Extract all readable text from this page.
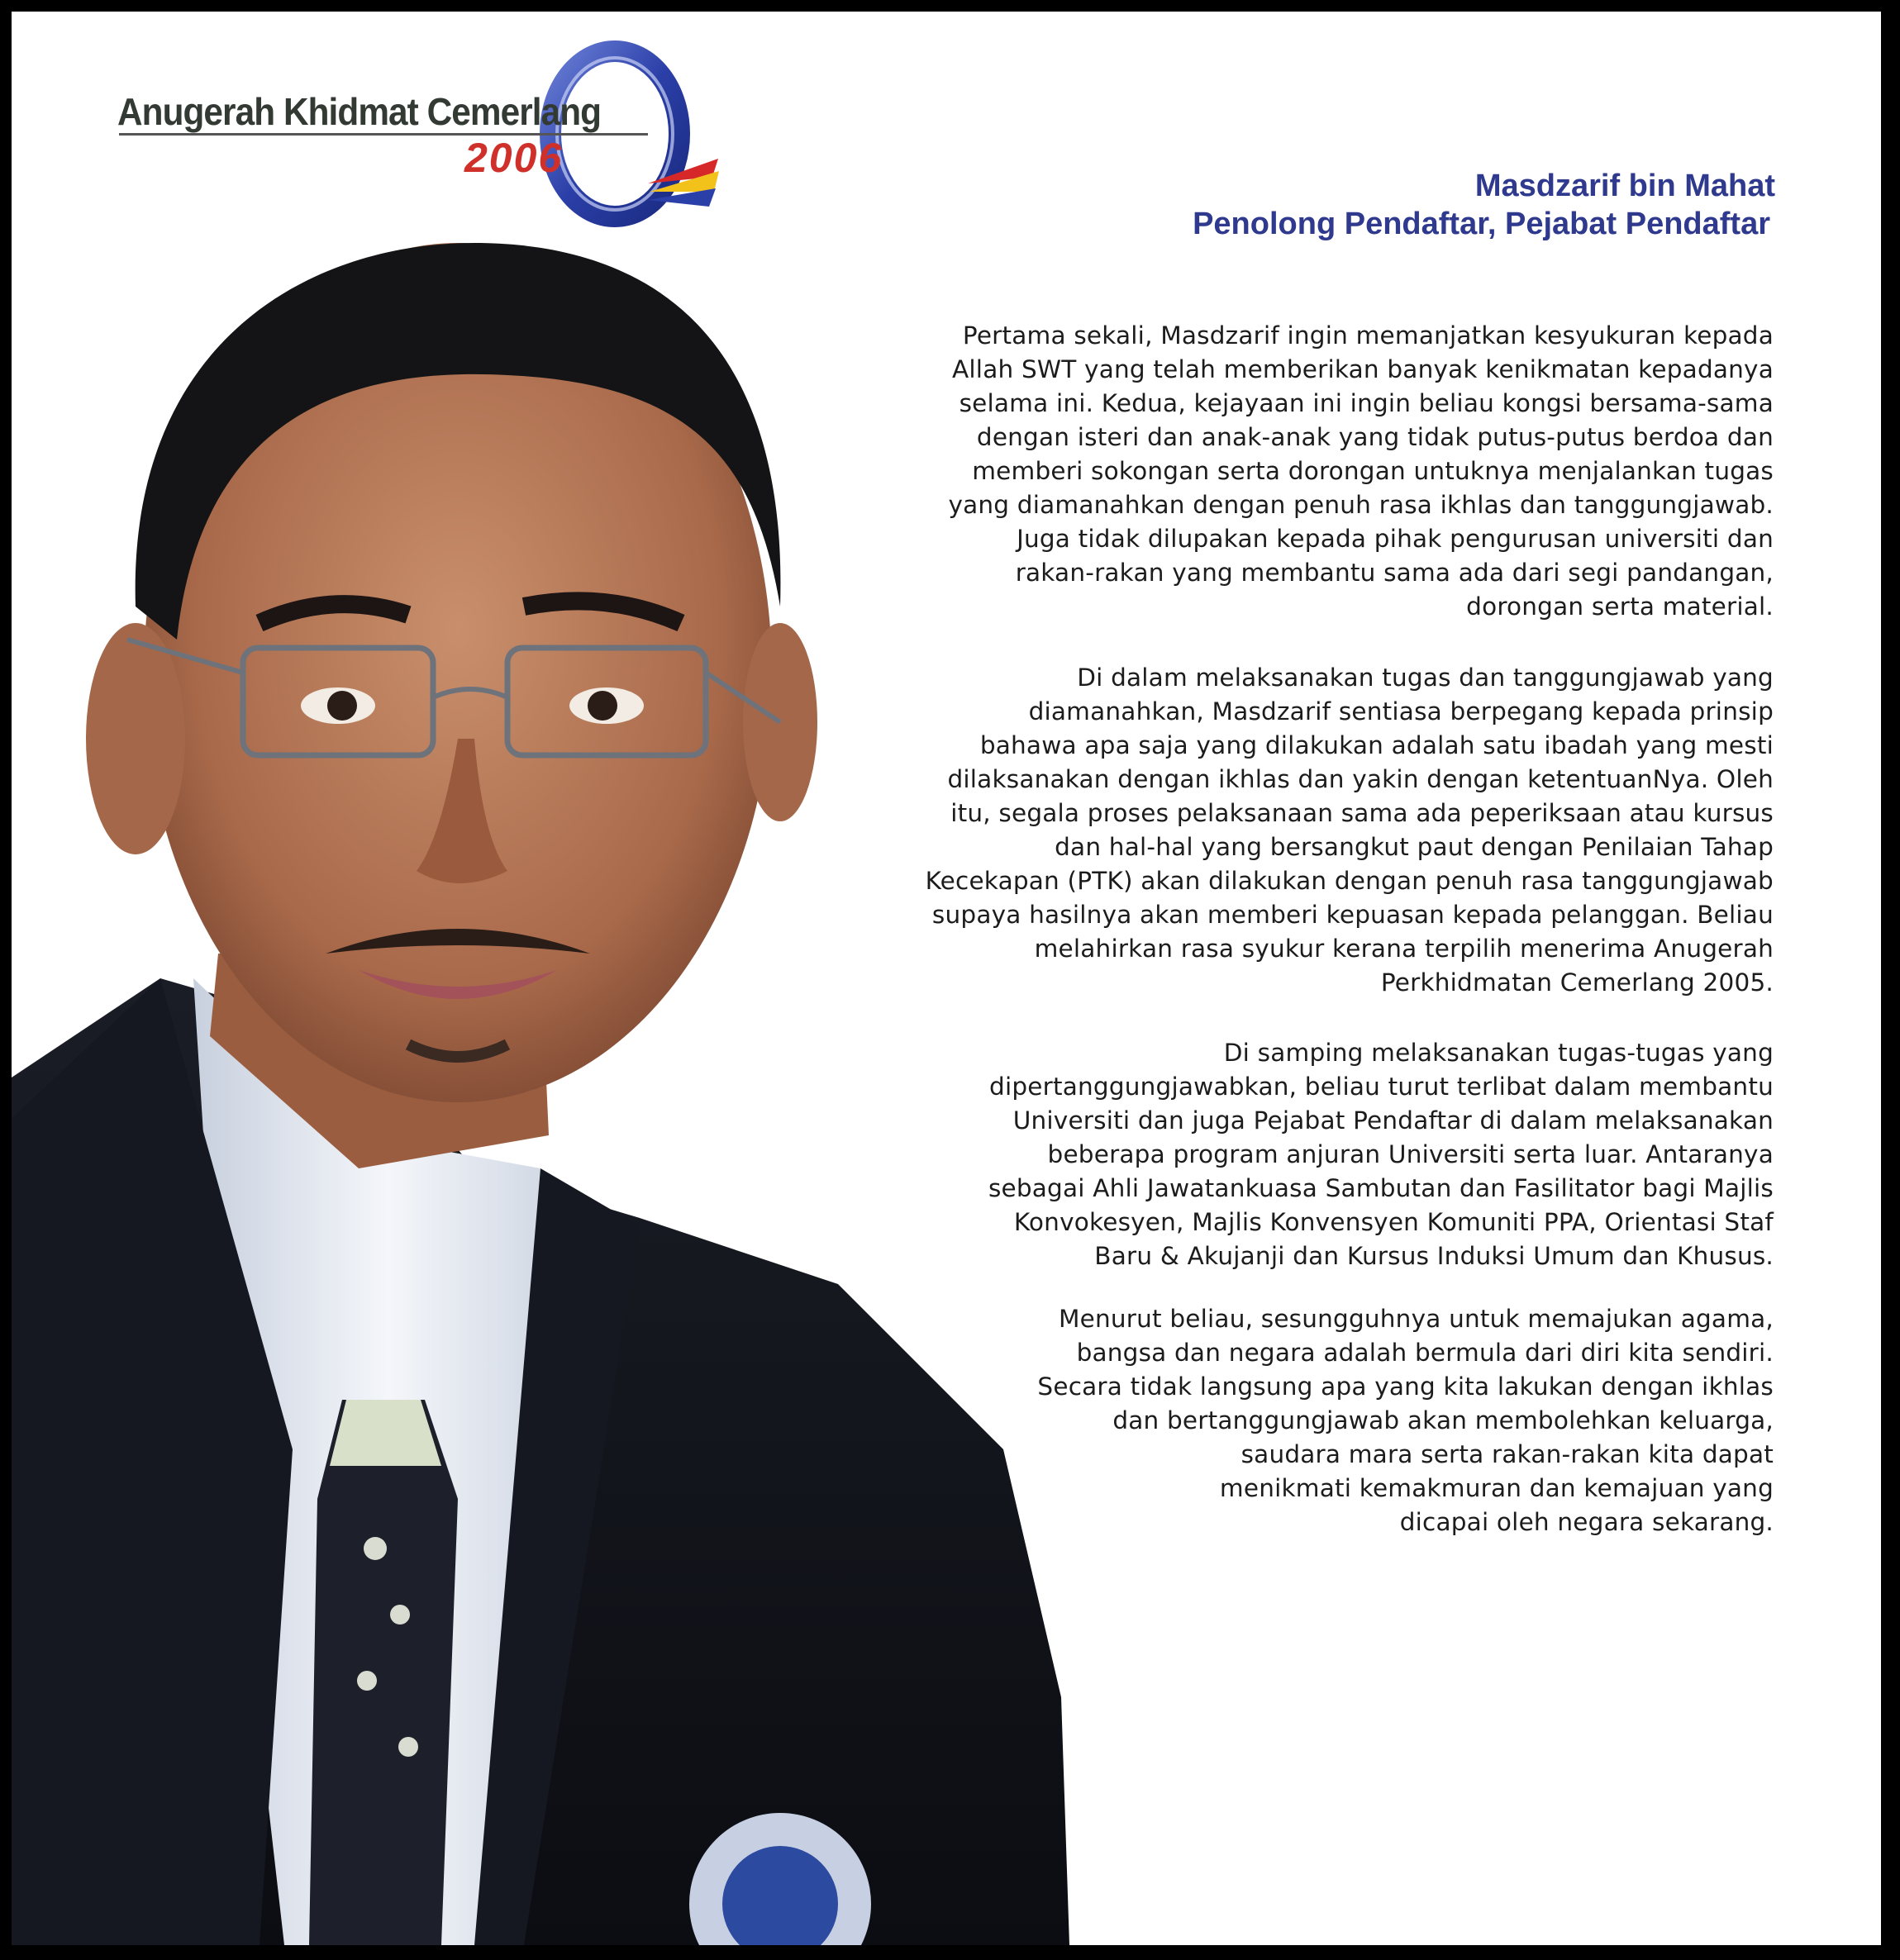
Anugerah Khidmat Cemerlang
2006
Masdzarif bin Mahat
Penolong Pendaftar, Pejabat Pendaftar
Pertama sekali, Masdzarif ingin memanjatkan kesyukuran kepada
Allah SWT yang telah memberikan banyak kenikmatan kepadanya
selama ini. Kedua, kejayaan ini ingin beliau kongsi bersama-sama
dengan isteri dan anak-anak yang tidak putus-putus berdoa dan
memberi sokongan serta dorongan untuknya menjalankan tugas
yang diamanahkan dengan penuh rasa ikhlas dan tanggungjawab.
Juga tidak dilupakan kepada pihak pengurusan universiti dan
rakan-rakan yang membantu sama ada dari segi pandangan,
dorongan serta material.
Di dalam melaksanakan tugas dan tanggungjawab yang
diamanahkan, Masdzarif sentiasa berpegang kepada prinsip
bahawa apa saja yang dilakukan adalah satu ibadah yang mesti
dilaksanakan dengan ikhlas dan yakin dengan ketentuanNya. Oleh
itu, segala proses pelaksanaan sama ada peperiksaan atau kursus
dan hal-hal yang bersangkut paut dengan Penilaian Tahap
Kecekapan (PTK) akan dilakukan dengan penuh rasa tanggungjawab
supaya hasilnya akan memberi kepuasan kepada pelanggan. Beliau
melahirkan rasa syukur kerana terpilih menerima Anugerah
Perkhidmatan Cemerlang 2005.
Di samping melaksanakan tugas-tugas yang
dipertanggungjawabkan, beliau turut terlibat dalam membantu
Universiti dan juga Pejabat Pendaftar di dalam melaksanakan
beberapa program anjuran Universiti serta luar. Antaranya
sebagai Ahli Jawatankuasa Sambutan dan Fasilitator bagi Majlis
Konvokesyen, Majlis Konvensyen Komuniti PPA, Orientasi Staf
Baru & Akujanji dan Kursus Induksi Umum dan Khusus.
Menurut beliau, sesungguhnya untuk memajukan agama,
bangsa dan negara adalah bermula dari diri kita sendiri.
Secara tidak langsung apa yang kita lakukan dengan ikhlas
dan bertanggungjawab akan membolehkan keluarga,
saudara mara serta rakan-rakan kita dapat
menikmati kemakmuran dan kemajuan yang
dicapai oleh negara sekarang.
